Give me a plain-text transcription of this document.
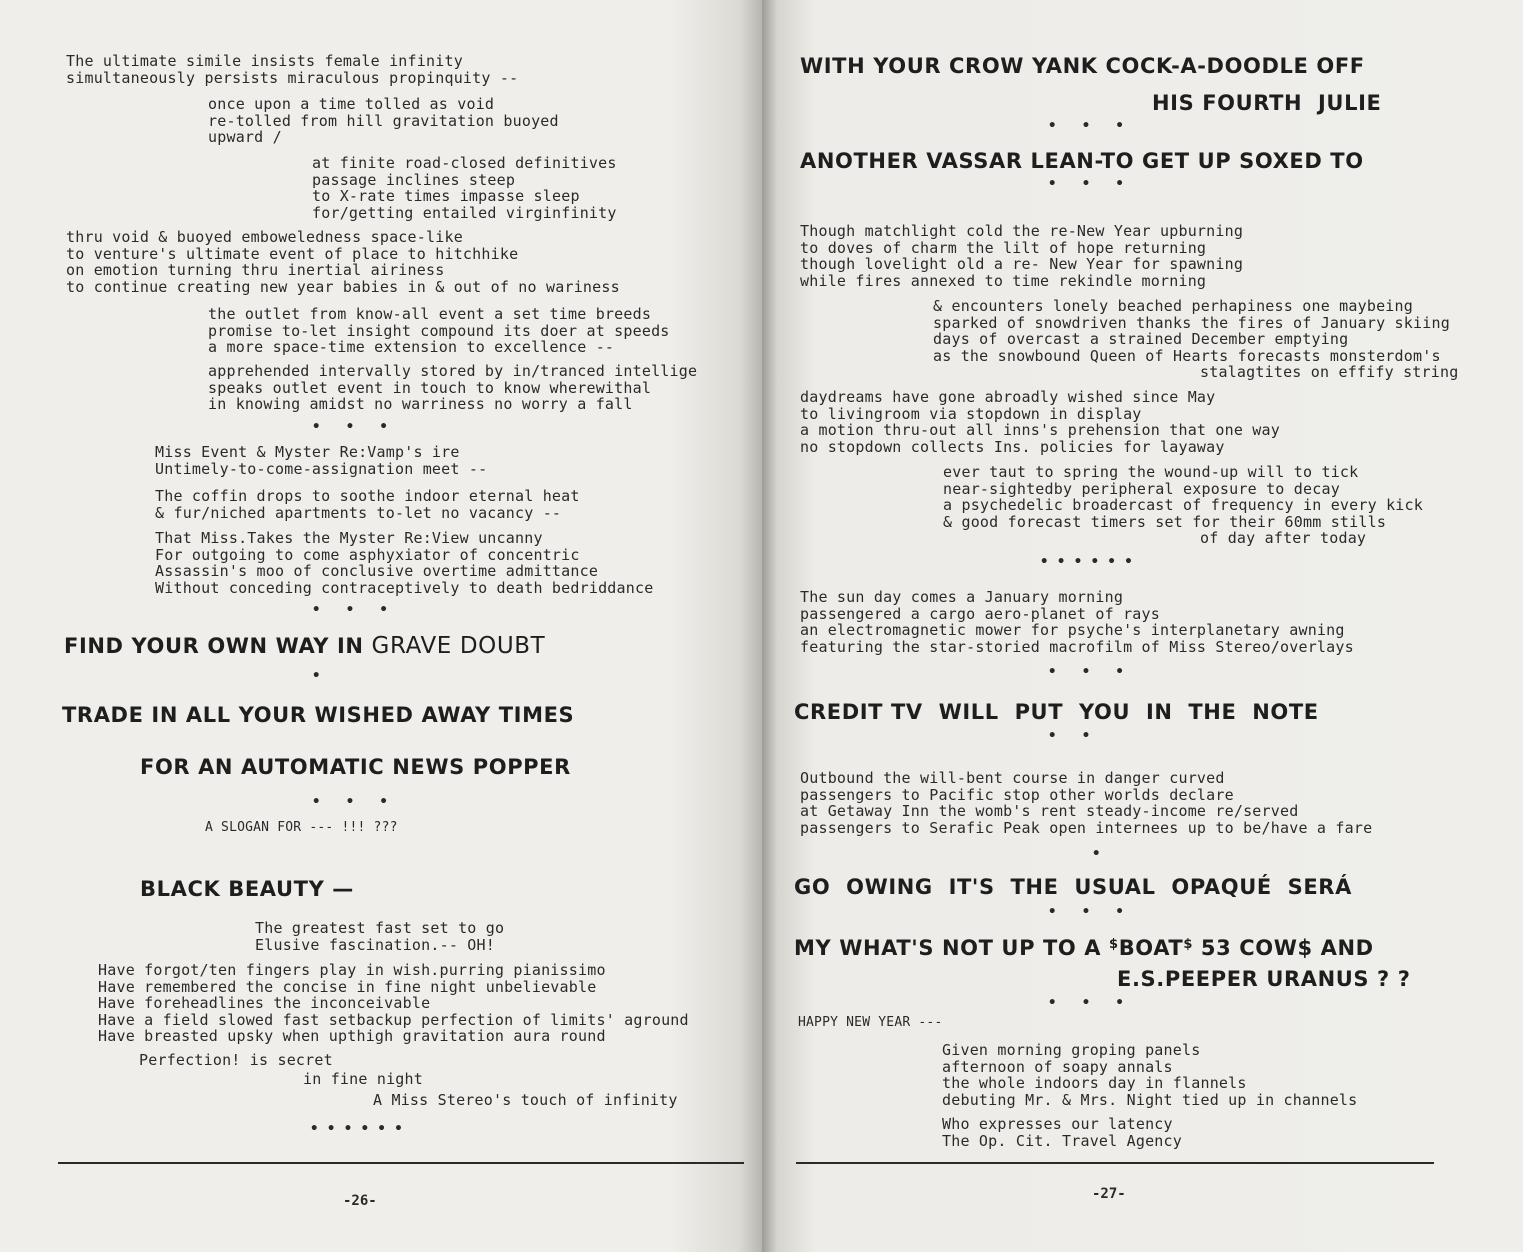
The ultimate simile insists female infinity
simultaneously persists miraculous propinquity --
once upon a time tolled as void
re-tolled from hill gravitation buoyed
upward /
at finite road-closed definitives
passage inclines steep
to X-rate times impasse sleep
for/getting entailed virginfinity
thru void & buoyed emboweledness space-like
to venture's ultimate event of place to hitchhike
on emotion turning thru inertial airiness
to continue creating new year babies in & out of no wariness
the outlet from know-all event a set time breeds
promise to-let insight compound its doer at speeds
a more space-time extension to excellence --
apprehended intervally stored by in/tranced intellige
speaks outlet event in touch to know wherewithal
in knowing amidst no warriness no worry a fall
•   •   •
Miss Event & Myster Re:Vamp's ire
Untimely-to-come-assignation meet --
The coffin drops to soothe indoor eternal heat
& fur/niched apartments to-let no vacancy --
That Miss.Takes the Myster Re:View uncanny
For outgoing to come asphyxiator of concentric
Assassin's moo of conclusive overtime admittance
Without conceding contraceptively to death bedriddance
•   •   •
FIND YOUR OWN WAY IN GRAVE DOUBT
•
TRADE IN ALL YOUR WISHED AWAY TIMES
FOR AN AUTOMATIC NEWS POPPER
•   •   •
A SLOGAN FOR --- !!! ???
BLACK BEAUTY —
The greatest fast set to go
Elusive fascination.-- OH!
Have forgot/ten fingers play in wish.purring pianissimo
Have remembered the concise in fine night unbelievable
Have foreheadlines the inconceivable
Have a field slowed fast setbackup perfection of limits' aground
Have breasted upsky when upthigh gravitation aura round
Perfection! is secret
in fine night
A Miss Stereo's touch of infinity
• • • • • •
-26-
WITH YOUR CROW YANK COCK-A-DOODLE OFF
HIS FOURTH  JULIE
•   •   •
ANOTHER VASSAR LEAN-TO GET UP SOXED TO
•   •   •
Though matchlight cold the re-New Year upburning
to doves of charm the lilt of hope returning
though lovelight old a re- New Year for spawning
while fires annexed to time rekindle morning
& encounters lonely beached perhapiness one maybeing
sparked of snowdriven thanks the fires of January skiing
days of overcast a strained December emptying
as the snowbound Queen of Hearts forecasts monsterdom's
stalagtites on effify string
daydreams have gone abroadly wished since May
to livingroom via stopdown in display
a motion thru-out all inns's prehension that one way
no stopdown collects Ins. policies for layaway
ever taut to spring the wound-up will to tick
near-sightedby peripheral exposure to decay
a psychedelic broadercast of frequency in every kick
& good forecast timers set for their 60mm stills
of day after today
• • • • • •
The sun day comes a January morning
passengered a cargo aero-planet of rays
an electromagnetic mower for psyche's interplanetary awning
featuring the star-storied macrofilm of Miss Stereo/overlays
•   •   •
CREDIT TV  WILL  PUT  YOU  IN  THE  NOTE
•   •
Outbound the will-bent course in danger curved
passengers to Pacific stop other worlds declare
at Getaway Inn the womb's rent steady-income re/served
passengers to Serafic Peak open internees up to be/have a fare
•
GO  OWING  IT'S  THE  USUAL  OPAQUÉ  SERÁ
•   •   •
MY WHAT'S NOT UP TO A $BOAT$ 53 COW$ AND
E.S.PEEPER URANUS ? ?
•   •   •
HAPPY NEW YEAR ---
Given morning groping panels
afternoon of soapy annals
the whole indoors day in flannels
debuting Mr. & Mrs. Night tied up in channels
Who expresses our latency
The Op. Cit. Travel Agency
-27-
